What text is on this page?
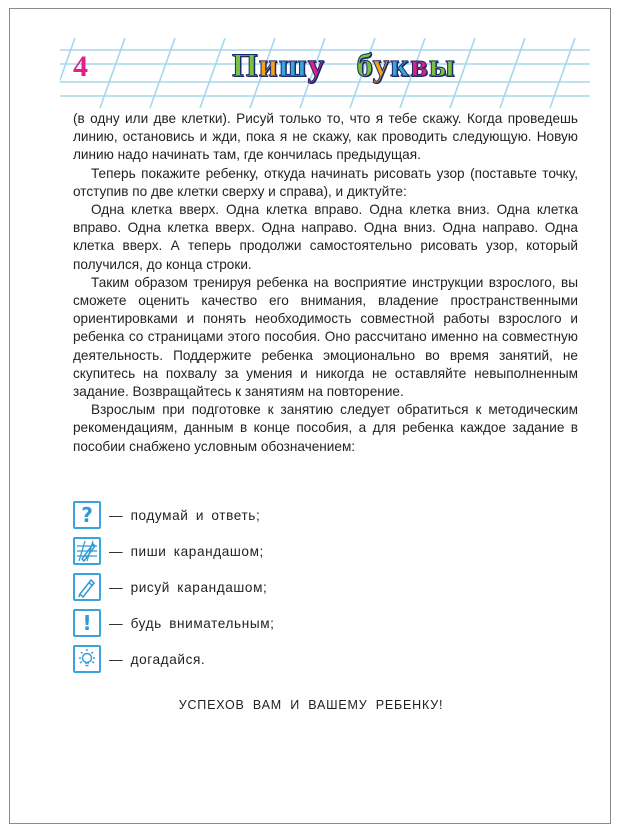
4	Пишу буквы

(в одну или две клетки). Рисуй только то, что я тебе скажу. Когда проведешь линию, остановись и жди, пока я не скажу, как проводить следующую. Новую линию надо начинать там, где кончилась предыдущая.

Теперь покажите ребенку, откуда начинать рисовать узор (поставьте точку, отступив по две клетки сверху и справа), и диктуйте:

Одна клетка вверх. Одна клетка вправо. Одна клетка вниз. Одна клетка вправо. Одна клетка вверх. Одна направо. Одна вниз. Одна направо. Одна клетка вверх. А теперь продолжи самостоятельно рисовать узор, который получился, до конца строки.

Таким образом тренируя ребенка на восприятие инструкции взрослого, вы сможете оценить качество его внимания, владение пространственными ориентировками и понять необходимость совместной работы взрослого и ребенка со страницами этого пособия. Оно рассчитано именно на совместную деятельность. Поддержите ребенка эмоционально во время занятий, не скупитесь на похвалу за умения и никогда не оставляйте невыполненным задание. Возвращайтесь к занятиям на повторение.

Взрослым при подготовке к занятию следует обратиться к методическим рекомендациям, данным в конце пособия, а для ребенка каждое задание в пособии снабжено условным обозначением:

? — подумай и ответь;
— пиши карандашом;
— рисуй карандашом;
! — будь внимательным;
— догадайся.
УСПЕХОВ ВАМ И ВАШЕМУ РЕБЕНКУ!
